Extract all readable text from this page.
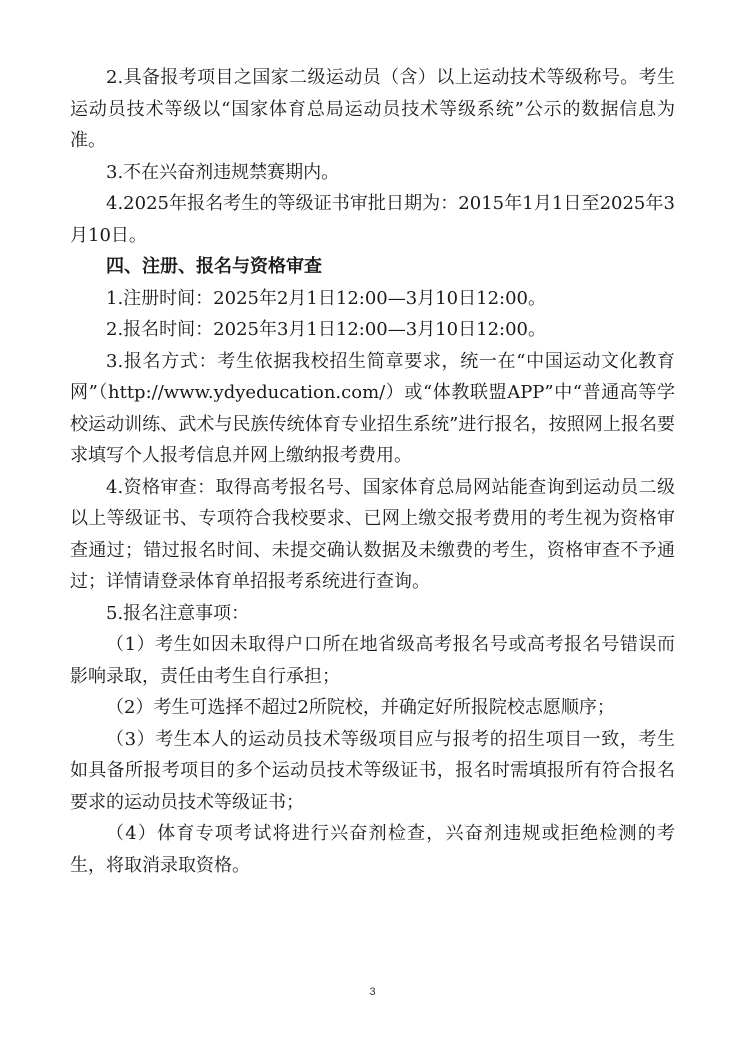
2.具备报考项目之国家二级运动员（含）以上运动技术等级称号。考生运动员技术等级以“国家体育总局运动员技术等级系统”公示的数据信息为准。

3.不在兴奋剂违规禁赛期内。

4.2025年报名考生的等级证书审批日期为：2015年1月1日至2025年3月10日。

四、注册、报名与资格审查

1.注册时间：2025年2月1日12:00—3月10日12:00。

2.报名时间：2025年3月1日12:00—3月10日12:00。

3.报名方式：考生依据我校招生简章要求，统一在“中国运动文化教育网”（http://www.ydyeducation.com/）或“体教联盟APP”中“普通高等学校运动训练、武术与民族传统体育专业招生系统”进行报名，按照网上报名要求填写个人报考信息并网上缴纳报考费用。

4.资格审查：取得高考报名号、国家体育总局网站能查询到运动员二级以上等级证书、专项符合我校要求、已网上缴交报考费用的考生视为资格审查通过；错过报名时间、未提交确认数据及未缴费的考生，资格审查不予通过；详情请登录体育单招报考系统进行查询。

5.报名注意事项：

（1）考生如因未取得户口所在地省级高考报名号或高考报名号错误而影响录取，责任由考生自行承担；

（2）考生可选择不超过2所院校，并确定好所报院校志愿顺序；

（3）考生本人的运动员技术等级项目应与报考的招生项目一致，考生如具备所报考项目的多个运动员技术等级证书，报名时需填报所有符合报名要求的运动员技术等级证书；

（4）体育专项考试将进行兴奋剂检查，兴奋剂违规或拒绝检测的考生，将取消录取资格。

3
